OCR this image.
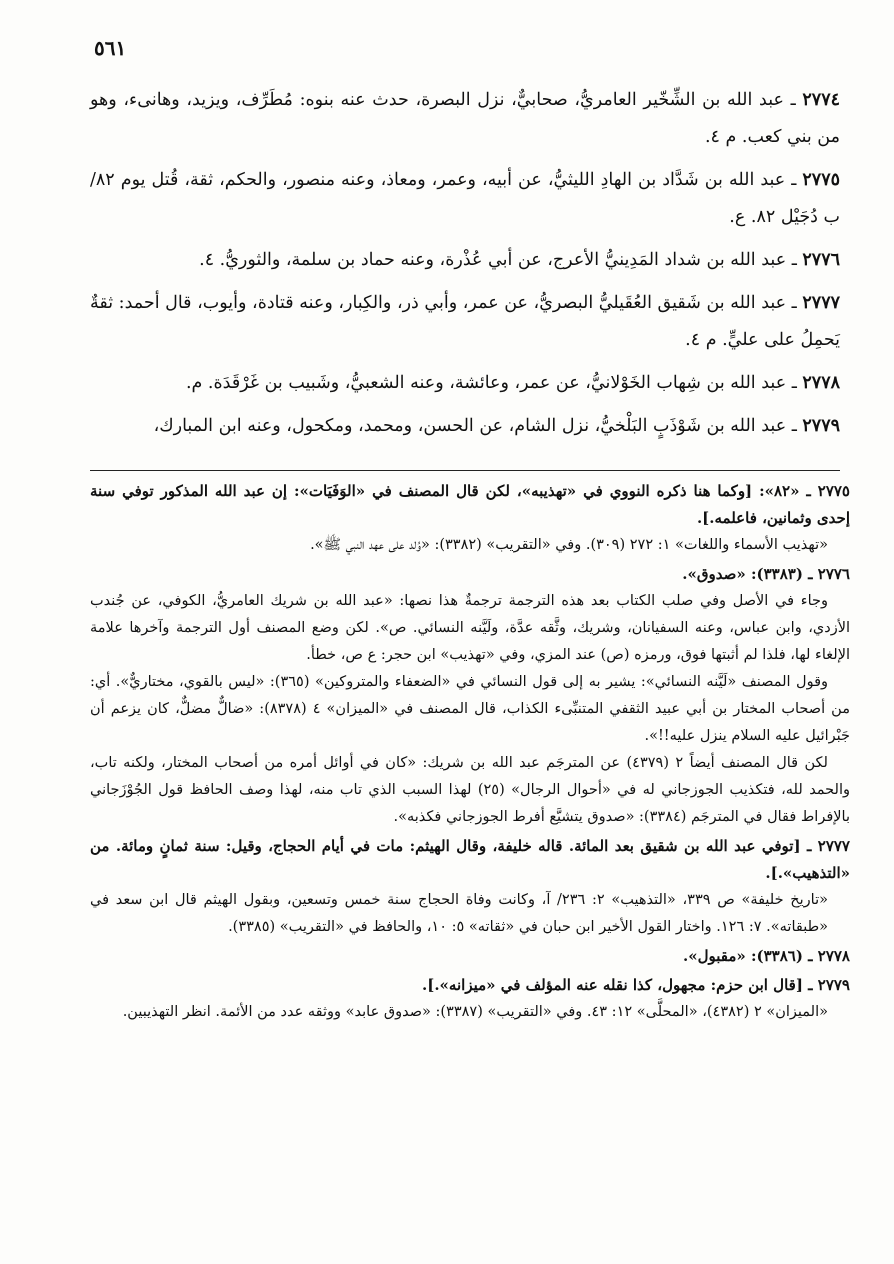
٥٦١

٢٧٧٤ ـ عبد الله بن الشِّخّير العامريُّ، صحابيٌّ، نزل البصرة، حدث عنه بنوه: مُطَرِّف، ويزيد، وهانىء، وهو من بني كعب. م ٤.

٢٧٧٥ ـ عبد الله بن شَدَّاد بن الهادِ الليثيُّ، عن أبيه، وعمر، ومعاذ، وعنه منصور، والحكم، ثقة، قُتل يوم ٨٢/ب دُجَيْل ٨٢. ع.

٢٧٧٦ ـ عبد الله بن شداد المَدِينيُّ الأعرج، عن أبي عُذْرة، وعنه حماد بن سلمة، والثوريُّ. ٤.

٢٧٧٧ ـ عبد الله بن شَقيق العُقَيليُّ البصريُّ، عن عمر، وأبي ذر، والكِبار، وعنه قتادة، وأيوب، قال أحمد: ثقةٌ يَحمِلُ على عليٍّ. م ٤.

٢٧٧٨ ـ عبد الله بن شِهاب الخَوْلانيُّ، عن عمر، وعائشة، وعنه الشعبيُّ، وشَبيب بن غَرْقَدَة. م.

٢٧٧٩ ـ عبد الله بن شَوْذَبٍ البَلْخيُّ، نزل الشام، عن الحسن، ومحمد، ومكحول، وعنه ابن المبارك،

٢٧٧٥ ـ «٨٢»: [وكما هنا ذكره النووي في «تهذيبه»، لكن قال المصنف في «الوَفَيَات»: إن عبد الله المذكور توفي سنة إحدى وثمانين، فاعلمه.].

«تهذيب الأسماء واللغات» ١: ٢٧٢ (٣٠٩). وفي «التقريب» (٣٣٨٢): «وُلد على عهد النبي ﷺ».

٢٧٧٦ ـ (٣٣٨٣): «صدوق».

وجاء في الأصل وفي صلب الكتاب بعد هذه الترجمة ترجمةٌ هذا نصها: «عبد الله بن شريك العامريُّ، الكوفي، عن جُندب الأزدي، وابن عباس، وعنه السفيانان، وشريك، وثَّقه عدَّة، ولَيَّنه النسائي. ص». لكن وضع المصنف أول الترجمة وآخرها علامة الإلغاء لها، فلذا لم أثبتها فوق، ورمزه (ص) عند المزي، وفي «تهذيب» ابن حجر: ع ص، خطأ.

وقول المصنف «لَيَّنه النسائي»: يشير به إلى قول النسائي في «الضعفاء والمتروكين» (٣٦٥): «ليس بالقوي، مختاريٌّ». أي: من أصحاب المختار بن أبي عبيد الثقفي المتنبِّىء الكذاب، قال المصنف في «الميزان» ٤ (٨٣٧٨): «ضالٌّ مضلٌّ، كان يزعم أن جَبْرائيل عليه السلام ينزل عليه!!».

لكن قال المصنف أيضاً ٢ (٤٣٧٩) عن المترجَم عبد الله بن شريك: «كان في أوائل أمره من أصحاب المختار، ولكنه تاب، والحمد لله، فتكذيب الجوزجاني له في «أحوال الرجال» (٢٥) لهذا السبب الذي تاب منه، لهذا وصف الحافظ قول الجُوْزَجاني بالإفراط فقال في المترجَم (٣٣٨٤): «صدوق يتشيَّع أفرط الجوزجاني فكذبه».

٢٧٧٧ ـ [توفي عبد الله بن شقيق بعد المائة. قاله خليفة، وقال الهيثم: مات في أيام الحجاج، وقيل: سنة ثمانٍ ومائة. من «التذهيب».].

«تاريخ خليفة» ص ٣٣٩، «التذهيب» ٢: ٢٣٦/ آ، وكانت وفاة الحجاج سنة خمس وتسعين، وبقول الهيثم قال ابن سعد في «طبقاته». ٧: ١٢٦. واختار القول الأخير ابن حبان في «ثقاته» ٥: ١٠، والحافظ في «التقريب» (٣٣٨٥).

٢٧٧٨ ـ (٣٣٨٦): «مقبول».

٢٧٧٩ ـ [قال ابن حزم: مجهول، كذا نقله عنه المؤلف في «ميزانه».].

«الميزان» ٢ (٤٣٨٢)، «المحلَّى» ١٢: ٤٣. وفي «التقريب» (٣٣٨٧): «صدوق عابد» ووثقه عدد من الأئمة. انظر التهذيبين.
